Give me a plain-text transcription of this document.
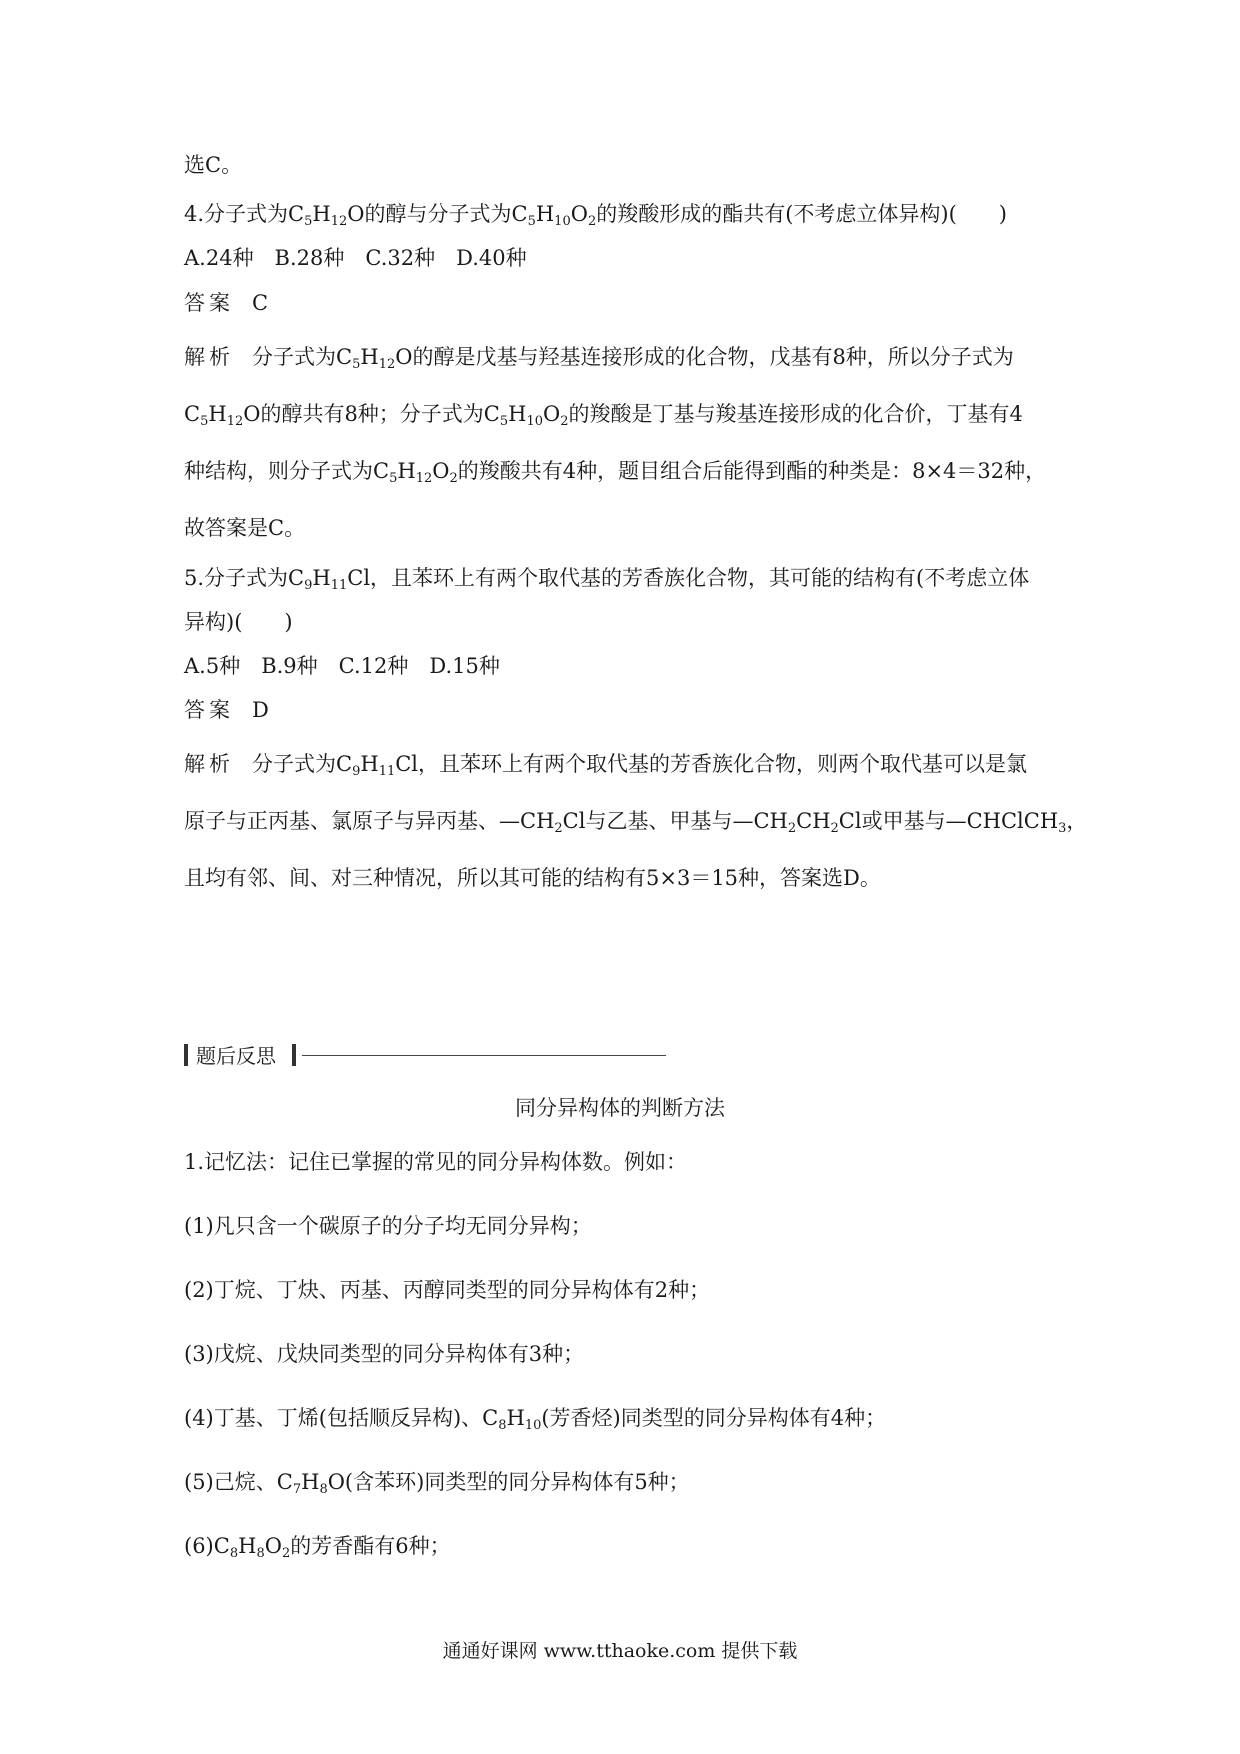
选C。
4.分子式为$C_5H_{12}O$的醇与分子式为$C_5H_{10}O_2$的羧酸形成的酯共有(不考虑立体异构)(　　)
A.24种　B.28种　C.32种　D.40种
答案 C
解析 分子式为$C_5H_{12}O$的醇是戊基与羟基连接形成的化合物，戊基有8种，所以分子式为
$C_5H_{12}O$的醇共有8种；分子式为$C_5H_{10}O_2$的羧酸是丁基与羧基连接形成的化合价，丁基有4
种结构，则分子式为$C_5H_{12}O_2$的羧酸共有4种，题目组合后能得到酯的种类是：8×4＝32种，
故答案是C。
5.分子式为$C_9H_{11}Cl$，且苯环上有两个取代基的芳香族化合物，其可能的结构有(不考虑立体
异构)(　　)
A.5种　B.9种　C.12种　D.15种
答案 D
解析 分子式为$C_9H_{11}Cl$，且苯环上有两个取代基的芳香族化合物，则两个取代基可以是氯
原子与正丙基、氯原子与异丙基、$—CH_2Cl$与乙基、甲基与$—CH_2CH_2Cl$或甲基与—CHClCH$_3$，
且均有邻、间、对三种情况，所以其可能的结构有5×3＝15种，答案选D。
题后反思
同分异构体的判断方法
1.记忆法：记住已掌握的常见的同分异构体数。例如：
(1)凡只含一个碳原子的分子均无同分异构；
(2)丁烷、丁炔、丙基、丙醇同类型的同分异构体有2种；
(3)戊烷、戊炔同类型的同分异构体有3种；
(4)丁基、丁烯(包括顺反异构)、$C_8H_{10}$(芳香烃)同类型的同分异构体有4种；
(5)己烷、$C_7H_8O$(含苯环)同类型的同分异构体有5种；
$(6)C_8H_8O_2$的芳香酯有6种；
通通好课网 www.tthaoke.com 提供下载
